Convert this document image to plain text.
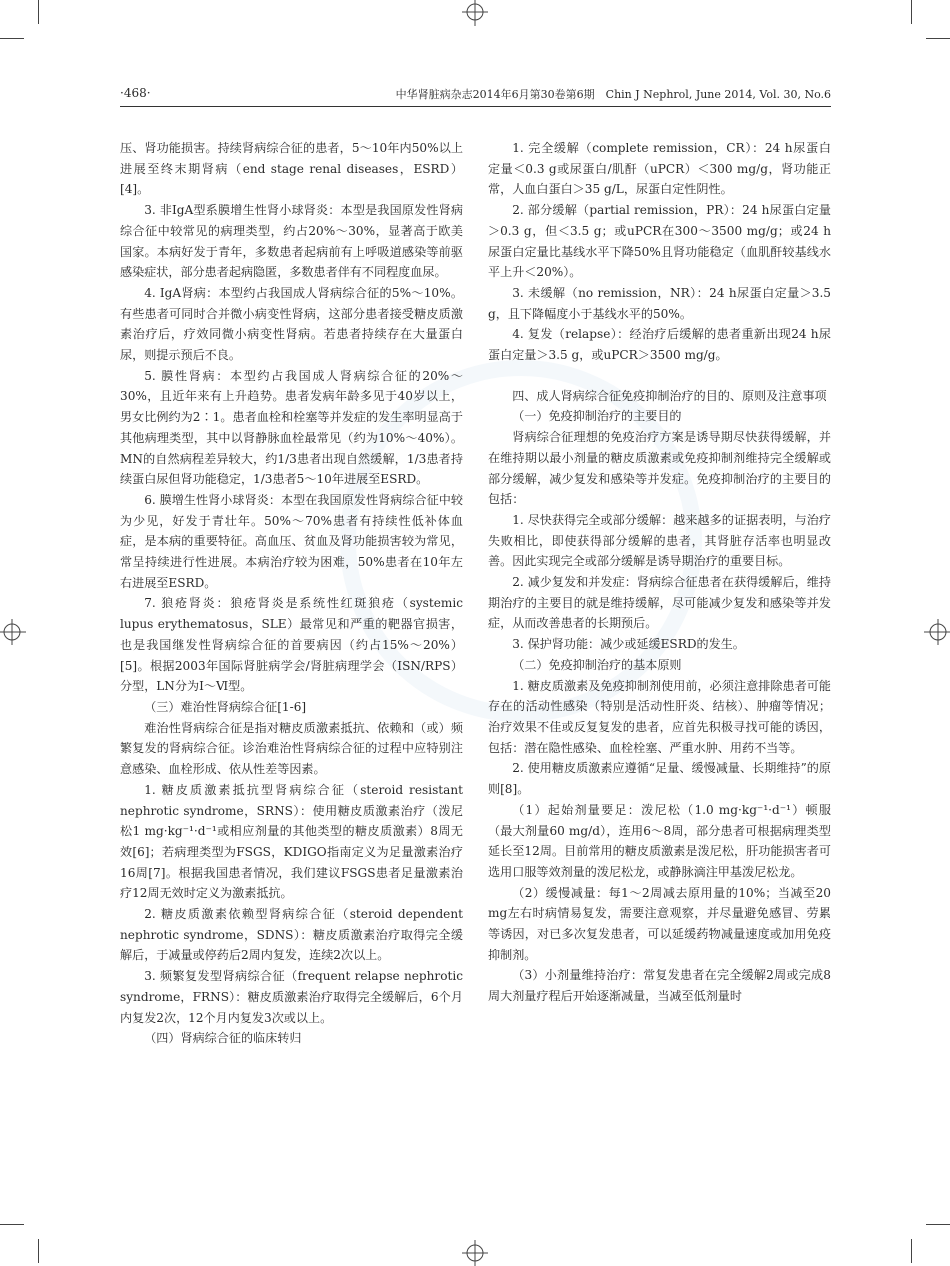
·468·	中华肾脏病杂志2014年6月第30卷第6期　Chin J Nephrol, June 2014, Vol. 30, No.6

压、肾功能损害。持续肾病综合征的患者，5～10年内50%以上进展至终末期肾病（end stage renal diseases，ESRD）[4]。

3. 非IgA型系膜增生性肾小球肾炎：本型是我国原发性肾病综合征中较常见的病理类型，约占20%～30%，显著高于欧美国家。本病好发于青年，多数患者起病前有上呼吸道感染等前驱感染症状，部分患者起病隐匿，多数患者伴有不同程度血尿。

4. IgA肾病：本型约占我国成人肾病综合征的5%～10%。有些患者可同时合并微小病变性肾病，这部分患者接受糖皮质激素治疗后，疗效同微小病变性肾病。若患者持续存在大量蛋白尿，则提示预后不良。

5. 膜性肾病：本型约占我国成人肾病综合征的20%～30%，且近年来有上升趋势。患者发病年龄多见于40岁以上，男女比例约为2∶1。患者血栓和栓塞等并发症的发生率明显高于其他病理类型，其中以肾静脉血栓最常见（约为10%～40%）。MN的自然病程差异较大，约1/3患者出现自然缓解，1/3患者持续蛋白尿但肾功能稳定，1/3患者5～10年进展至ESRD。

6. 膜增生性肾小球肾炎：本型在我国原发性肾病综合征中较为少见，好发于青壮年。50%～70%患者有持续性低补体血症，是本病的重要特征。高血压、贫血及肾功能损害较为常见，常呈持续进行性进展。本病治疗较为困难，50%患者在10年左右进展至ESRD。

7. 狼疮肾炎：狼疮肾炎是系统性红斑狼疮（systemic lupus erythematosus，SLE）最常见和严重的靶器官损害，也是我国继发性肾病综合征的首要病因（约占15%～20%）[5]。根据2003年国际肾脏病学会/肾脏病理学会（ISN/RPS）分型，LN分为Ⅰ～Ⅵ型。

（三）难治性肾病综合征[1-6]

难治性肾病综合征是指对糖皮质激素抵抗、依赖和（或）频繁复发的肾病综合征。诊治难治性肾病综合征的过程中应特别注意感染、血栓形成、依从性差等因素。

1. 糖皮质激素抵抗型肾病综合征（steroid resistant nephrotic syndrome，SRNS）：使用糖皮质激素治疗（泼尼松1 mg·kg⁻¹·d⁻¹或相应剂量的其他类型的糖皮质激素）8周无效[6]；若病理类型为FSGS，KDIGO指南定义为足量激素治疗16周[7]。根据我国患者情况，我们建议FSGS患者足量激素治疗12周无效时定义为激素抵抗。

2. 糖皮质激素依赖型肾病综合征（steroid dependent nephrotic syndrome，SDNS）：糖皮质激素治疗取得完全缓解后，于减量或停药后2周内复发，连续2次以上。

3. 频繁复发型肾病综合征（frequent relapse nephrotic syndrome，FRNS）：糖皮质激素治疗取得完全缓解后，6个月内复发2次，12个月内复发3次或以上。

（四）肾病综合征的临床转归

1. 完全缓解（complete remission，CR）：24 h尿蛋白定量＜0.3 g或尿蛋白/肌酐（uPCR）＜300 mg/g，肾功能正常，人血白蛋白＞35 g/L，尿蛋白定性阴性。

2. 部分缓解（partial remission，PR）：24 h尿蛋白定量＞0.3 g，但＜3.5 g；或uPCR在300～3500 mg/g；或24 h尿蛋白定量比基线水平下降50%且肾功能稳定（血肌酐较基线水平上升＜20%）。

3. 未缓解（no remission，NR）：24 h尿蛋白定量＞3.5 g，且下降幅度小于基线水平的50%。

4. 复发（relapse）：经治疗后缓解的患者重新出现24 h尿蛋白定量＞3.5 g，或uPCR＞3500 mg/g。

四、成人肾病综合征免疫抑制治疗的目的、原则及注意事项

（一）免疫抑制治疗的主要目的

肾病综合征理想的免疫治疗方案是诱导期尽快获得缓解，并在维持期以最小剂量的糖皮质激素或免疫抑制剂维持完全缓解或部分缓解，减少复发和感染等并发症。免疫抑制治疗的主要目的包括：

1. 尽快获得完全或部分缓解：越来越多的证据表明，与治疗失败相比，即使获得部分缓解的患者，其肾脏存活率也明显改善。因此实现完全或部分缓解是诱导期治疗的重要目标。

2. 减少复发和并发症：肾病综合征患者在获得缓解后，维持期治疗的主要目的就是维持缓解，尽可能减少复发和感染等并发症，从而改善患者的长期预后。

3. 保护肾功能：减少或延缓ESRD的发生。

（二）免疫抑制治疗的基本原则

1. 糖皮质激素及免疫抑制剂使用前，必须注意排除患者可能存在的活动性感染（特别是活动性肝炎、结核）、肿瘤等情况；治疗效果不佳或反复复发的患者，应首先积极寻找可能的诱因，包括：潜在隐性感染、血栓栓塞、严重水肿、用药不当等。

2. 使用糖皮质激素应遵循“足量、缓慢减量、长期维持”的原则[8]。

（1）起始剂量要足：泼尼松（1.0 mg·kg⁻¹·d⁻¹）顿服（最大剂量60 mg/d），连用6～8周，部分患者可根据病理类型延长至12周。目前常用的糖皮质激素是泼尼松，肝功能损害者可选用口服等效剂量的泼尼松龙，或静脉滴注甲基泼尼松龙。

（2）缓慢减量：每1～2周减去原用量的10%；当减至20 mg左右时病情易复发，需要注意观察，并尽量避免感冒、劳累等诱因，对已多次复发患者，可以延缓药物减量速度或加用免疫抑制剂。

（3）小剂量维持治疗：常复发患者在完全缓解2周或完成8周大剂量疗程后开始逐渐减量，当减至低剂量时
